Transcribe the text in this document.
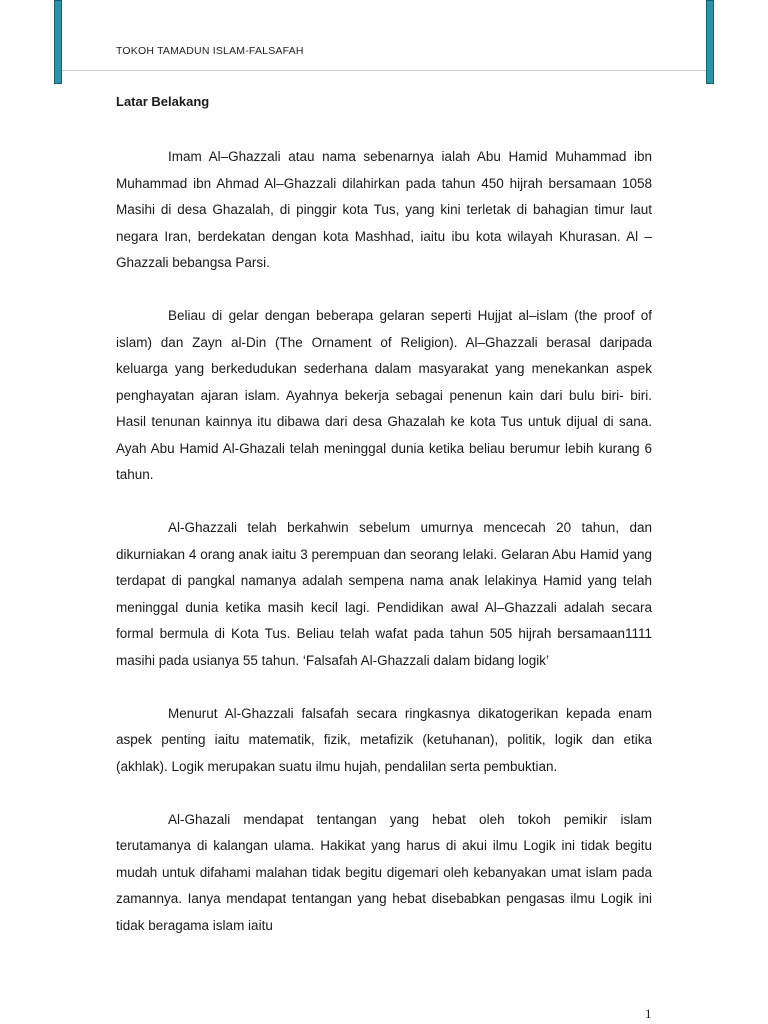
TOKOH TAMADUN ISLAM-FALSAFAH
Latar Belakang

Imam Al–Ghazzali atau nama sebenarnya ialah Abu Hamid Muhammad ibn Muhammad ibn Ahmad Al–Ghazzali dilahirkan pada tahun 450 hijrah bersamaan 1058 Masihi di desa Ghazalah, di pinggir kota Tus, yang kini terletak di bahagian timur laut negara Iran, berdekatan dengan kota Mashhad, iaitu ibu kota wilayah Khurasan. Al – Ghazzali bebangsa Parsi.

Beliau di gelar dengan beberapa gelaran seperti Hujjat al–islam (the proof of islam) dan Zayn al-Din (The Ornament of Religion). Al–Ghazzali berasal daripada keluarga yang berkedudukan sederhana dalam masyarakat yang menekankan aspek penghayatan ajaran islam. Ayahnya bekerja sebagai penenun kain dari bulu biri- biri. Hasil tenunan kainnya itu dibawa dari desa Ghazalah ke kota Tus untuk dijual di sana. Ayah Abu Hamid Al-Ghazali telah meninggal dunia ketika beliau berumur lebih kurang 6 tahun.

Al-Ghazzali telah berkahwin sebelum umurnya mencecah 20 tahun, dan dikurniakan 4 orang anak iaitu 3 perempuan dan seorang lelaki. Gelaran Abu Hamid yang terdapat di pangkal namanya adalah sempena nama anak lelakinya Hamid yang telah meninggal dunia ketika masih kecil lagi. Pendidikan awal Al–Ghazzali adalah secara formal bermula di Kota Tus. Beliau telah wafat pada tahun 505 hijrah bersamaan1111 masihi pada usianya 55 tahun. ‘Falsafah Al-Ghazzali dalam bidang logik’

Menurut Al-Ghazzali falsafah secara ringkasnya dikatogerikan kepada enam aspek penting iaitu matematik, fizik, metafizik (ketuhanan), politik, logik dan etika (akhlak). Logik merupakan suatu ilmu hujah, pendalilan serta pembuktian.

Al-Ghazali mendapat tentangan yang hebat oleh tokoh pemikir islam terutamanya di kalangan ulama. Hakikat yang harus di akui ilmu Logik ini tidak begitu mudah untuk difahami malahan tidak begitu digemari oleh kebanyakan umat islam pada zamannya. Ianya mendapat tentangan yang hebat disebabkan pengasas ilmu Logik ini tidak beragama islam iaitu

1
